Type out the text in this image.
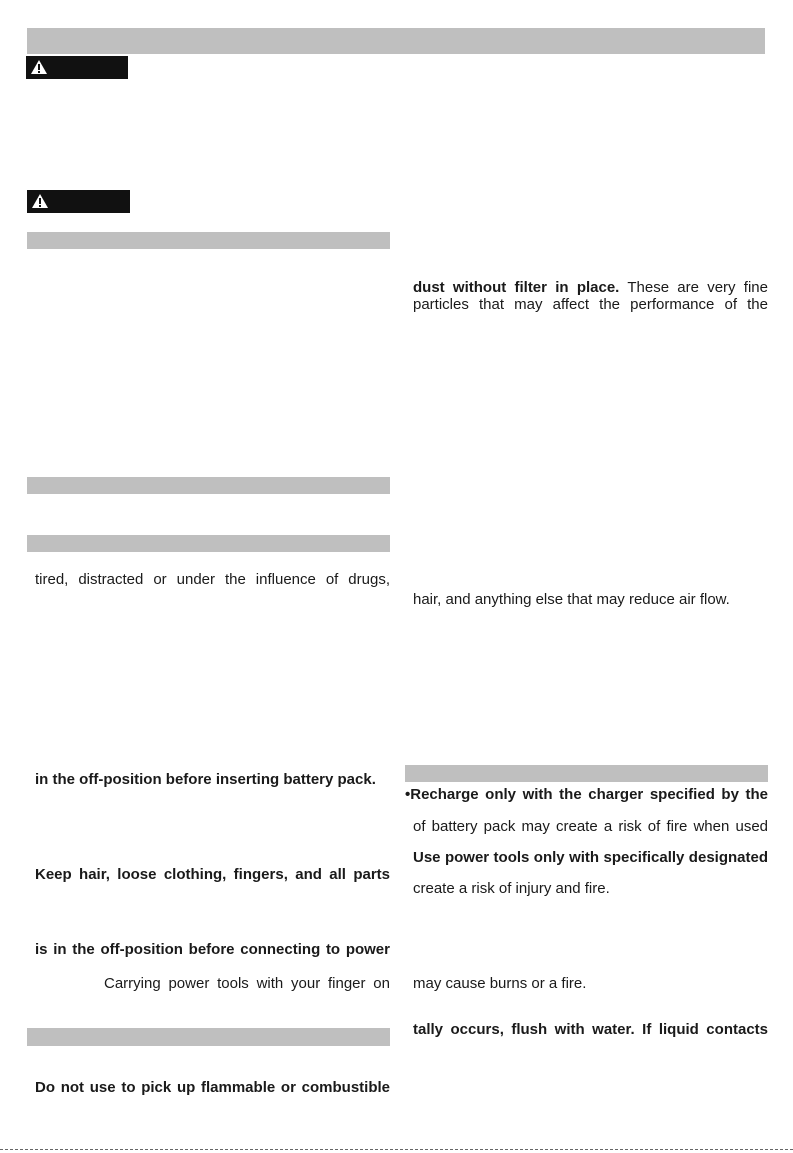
tired, distracted or under the influence of drugs,
in the off-position before inserting battery pack.
Keep hair, loose clothing, fingers, and all parts
is in the off-position before connecting to power
Carrying power tools with your finger on
Do not use to pick up flammable or combustible
dust without filter in place. These are very fine
particles that may affect the performance of the
hair, and anything else that may reduce air flow.
•Recharge only with the charger specified by the
of battery pack may create a risk of fire when used
Use power tools only with specifically designated
create a risk of injury and fire.
may cause burns or a fire.
tally occurs, flush with water. If liquid contacts
